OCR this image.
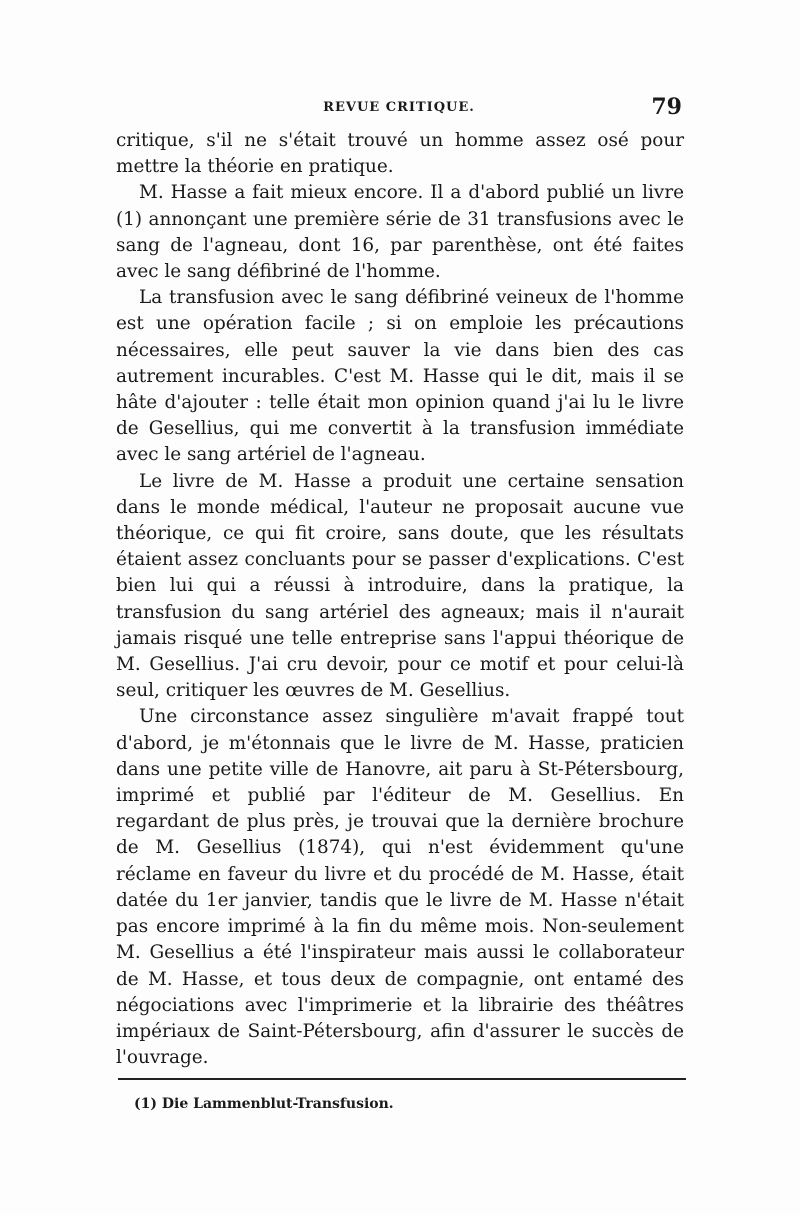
REVUE CRITIQUE.	79

critique, s'il ne s'était trouvé un homme assez osé pour mettre la théorie en pratique.

M. Hasse a fait mieux encore. Il a d'abord publié un livre (1) annonçant une première série de 31 transfusions avec le sang de l'agneau, dont 16, par parenthèse, ont été faites avec le sang défibriné de l'homme.

La transfusion avec le sang défibriné veineux de l'homme est une opération facile ; si on emploie les précautions nécessaires, elle peut sauver la vie dans bien des cas autrement incurables. C'est M. Hasse qui le dit, mais il se hâte d'ajouter : telle était mon opinion quand j'ai lu le livre de Gesellius, qui me convertit à la transfusion immédiate avec le sang artériel de l'agneau.

Le livre de M. Hasse a produit une certaine sensation dans le monde médical, l'auteur ne proposait aucune vue théorique, ce qui fit croire, sans doute, que les résultats étaient assez concluants pour se passer d'explications. C'est bien lui qui a réussi à introduire, dans la pratique, la transfusion du sang artériel des agneaux; mais il n'aurait jamais risqué une telle entreprise sans l'appui théorique de M. Gesellius. J'ai cru devoir, pour ce motif et pour celui-là seul, critiquer les œuvres de M. Gesellius.

Une circonstance assez singulière m'avait frappé tout d'abord, je m'étonnais que le livre de M. Hasse, praticien dans une petite ville de Hanovre, ait paru à St-Pétersbourg, imprimé et publié par l'éditeur de M. Gesellius. En regardant de plus près, je trouvai que la dernière brochure de M. Gesellius (1874), qui n'est évidemment qu'une réclame en faveur du livre et du procédé de M. Hasse, était datée du 1er janvier, tandis que le livre de M. Hasse n'était pas encore imprimé à la fin du même mois. Non-seulement M. Gesellius a été l'inspirateur mais aussi le collaborateur de M. Hasse, et tous deux de compagnie, ont entamé des négociations avec l'imprimerie et la librairie des théâtres impériaux de Saint-Pétersbourg, afin d'assurer le succès de l'ouvrage.

(1) Die Lammenblut-Transfusion.
